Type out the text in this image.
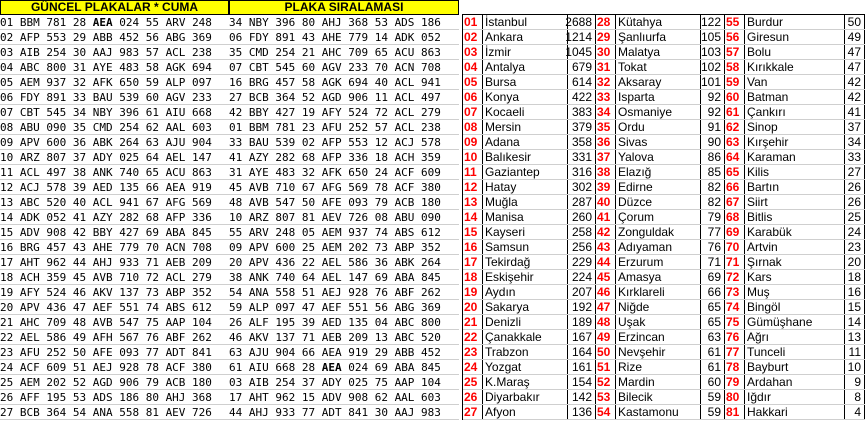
GÜNCEL PLAKALAR * CUMA
01 BBM 781 28 AEA 024 55 ARV 248
02 AFP 553 29 ABB 452 56 ABG 369
03 AIB 254 30 AAJ 983 57 ACL 238
04 ABC 800 31 AYE 483 58 AGK 694
05 AEM 937 32 AFK 650 59 ALP 097
06 FDY 891 33 BAU 539 60 AGV 233
07 CBT 545 34 NBY 396 61 AIU 668
08 ABU 090 35 CMD 254 62 AAL 603
09 APV 600 36 ABK 264 63 AJU 904
10 ARZ 807 37 ADY 025 64 AEL 147
11 ACL 497 38 ANK 740 65 ACU 863
12 ACJ 578 39 AED 135 66 AEA 919
13 ABC 520 40 ACL 941 67 AFG 569
14 ADK 052 41 AZY 282 68 AFP 336
15 ADV 908 42 BBY 427 69 ABA 845
16 BRG 457 43 AHE 779 70 ACN 708
17 AHT 962 44 AHJ 933 71 AEB 209
18 ACH 359 45 AVB 710 72 ACL 279
19 AFY 524 46 AKV 137 73 ABP 352
20 APV 436 47 AEF 551 74 ABS 612
21 AHC 709 48 AVB 547 75 AAP 104
22 AEL 586 49 AFH 567 76 ABF 262
23 AFU 252 50 AFE 093 77 ADT 841
24 ACF 609 51 AEJ 928 78 ACF 380
25 AEM 202 52 AGD 906 79 ACB 180
26 AFF 195 53 ADS 186 80 AHJ 368
27 BCB 364 54 ANA 558 81 AEV 726
PLAKA SIRALAMASI
34 NBY 396 80 AHJ 368 53 ADS 186
06 FDY 891 43 AHE 779 14 ADK 052
35 CMD 254 21 AHC 709 65 ACU 863
07 CBT 545 60 AGV 233 70 ACN 708
16 BRG 457 58 AGK 694 40 ACL 941
27 BCB 364 52 AGD 906 11 ACL 497
42 BBY 427 19 AFY 524 72 ACL 279
01 BBM 781 23 AFU 252 57 ACL 238
33 BAU 539 02 AFP 553 12 ACJ 578
41 AZY 282 68 AFP 336 18 ACH 359
31 AYE 483 32 AFK 650 24 ACF 609
45 AVB 710 67 AFG 569 78 ACF 380
48 AVB 547 50 AFE 093 79 ACB 180
10 ARZ 807 81 AEV 726 08 ABU 090
55 ARV 248 05 AEM 937 74 ABS 612
09 APV 600 25 AEM 202 73 ABP 352
20 APV 436 22 AEL 586 36 ABK 264
38 ANK 740 64 AEL 147 69 ABA 845
54 ANA 558 51 AEJ 928 76 ABF 262
59 ALP 097 47 AEF 551 56 ABG 369
26 ALF 195 39 AED 135 04 ABC 800
46 AKV 137 71 AEB 209 13 ABC 520
63 AJU 904 66 AEA 919 29 ABB 452
61 AIU 668 28 AEA 024 69 ABA 845
03 AIB 254 37 ADY 025 75 AAP 104
17 AHT 962 15 ADV 908 62 AAL 603
44 AHJ 933 77 ADT 841 30 AAJ 983
01 İstanbul	2688 28 Kütahya	122 55 Burdur	50
02 Ankara	1214 29 Şanlıurfa	105 56 Giresun	49
03 İzmir	1045 30 Malatya	103 57 Bolu	47
04 Antalya	679 31 Tokat	102 58 Kırıkkale	47
05 Bursa	614 32 Aksaray	101 59 Van	42
06 Konya	422 33 Isparta	92 60 Batman	42
07 Kocaeli	383 34 Osmaniye	92 61 Çankırı	41
08 Mersin	379 35 Ordu	91 62 Sinop	37
09 Adana	358 36 Sivas	90 63 Kırşehir	34
10 Balıkesir	331 37 Yalova	86 64 Karaman	33
11 Gaziantep	316 38 Elazığ	85 65 Kilis	27
12 Hatay	302 39 Edirne	82 66 Bartın	26
13 Muğla	287 40 Düzce	82 67 Siirt	26
14 Manisa	260 41 Çorum	79 68 Bitlis	25
15 Kayseri	258 42 Zonguldak	77 69 Karabük	24
16 Samsun	256 43 Adıyaman	76 70 Artvin	23
17 Tekirdağ	229 44 Erzurum	71 71 Şırnak	20
18 Eskişehir	224 45 Amasya	69 72 Kars	18
19 Aydın	207 46 Kırklareli	66 73 Muş	16
20 Sakarya	192 47 Niğde	65 74 Bingöl	15
21 Denizli	189 48 Uşak	65 75 Gümüşhane	14
22 Çanakkale	167 49 Erzincan	63 76 Ağrı	13
23 Trabzon	164 50 Nevşehir	61 77 Tunceli	11
24 Yozgat	161 51 Rize	61 78 Bayburt	10
25 K.Maraş	154 52 Mardin	60 79 Ardahan	9
26 Diyarbakır	142 53 Bilecik	59 80 Iğdır	8
27 Afyon	136 54 Kastamonu	59 81 Hakkari	4
